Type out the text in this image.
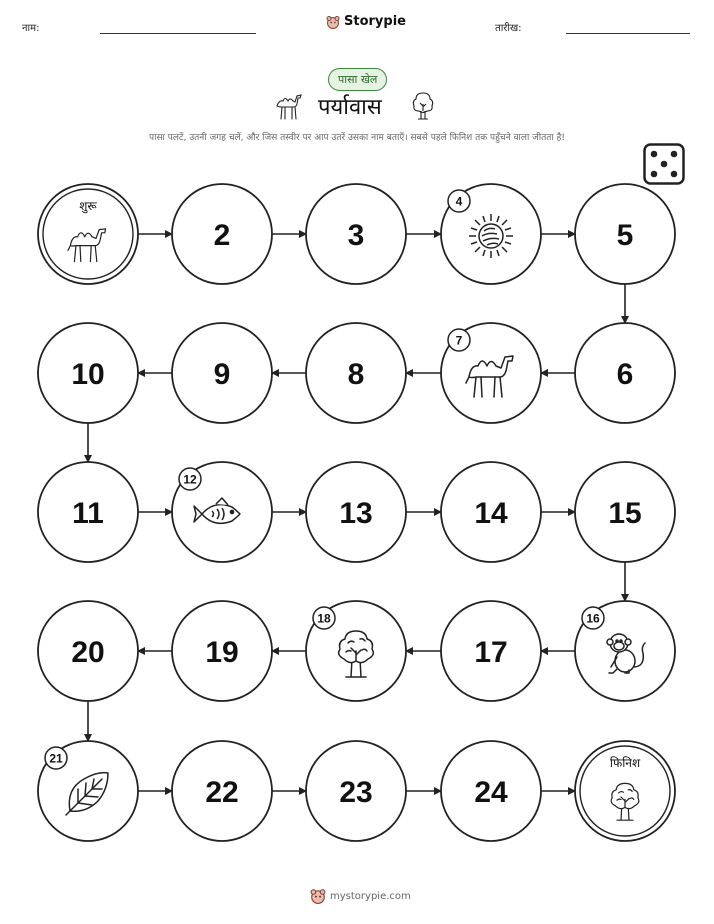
नाम:	Storypie	तारीख:
पासा खेल
पर्यावास
पासा पलटें, उतनी जगह चलें, और जिस तस्वीर पर आप उतरें उसका नाम बताएँ। सबसे पहले फिनिश तक पहुँचने वाला जीतता है!
शुरू
2	3
4
5
6
7
8
9
10
11
12
13	14	15
16
17
18
19
20
21
22	23	24
फिनिश
mystorypie.com
